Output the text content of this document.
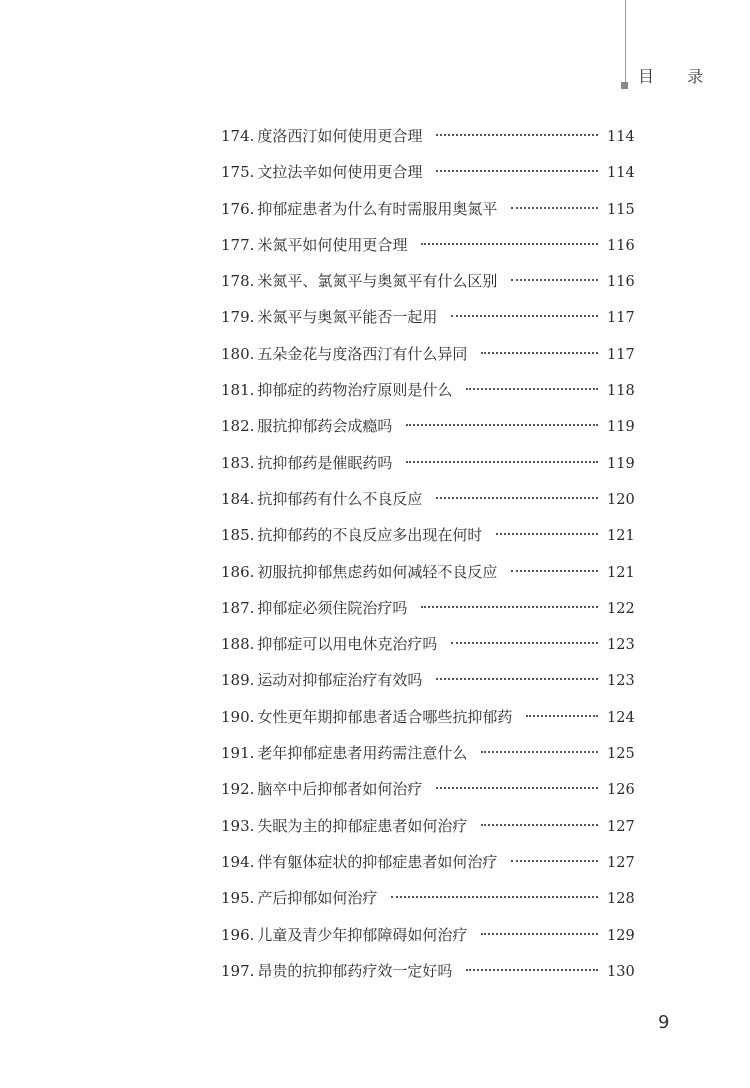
目 录
174. 度洛西汀如何使用更合理	114
175. 文拉法辛如何使用更合理	114
176. 抑郁症患者为什么有时需服用奥氮平	115
177. 米氮平如何使用更合理	116
178. 米氮平、氯氮平与奥氮平有什么区别	116
179. 米氮平与奥氮平能否一起用	117
180. 五朵金花与度洛西汀有什么异同	117
181. 抑郁症的药物治疗原则是什么	118
182. 服抗抑郁药会成瘾吗	119
183. 抗抑郁药是催眠药吗	119
184. 抗抑郁药有什么不良反应	120
185. 抗抑郁药的不良反应多出现在何时	121
186. 初服抗抑郁焦虑药如何减轻不良反应	121
187. 抑郁症必须住院治疗吗	122
188. 抑郁症可以用电休克治疗吗	123
189. 运动对抑郁症治疗有效吗	123
190. 女性更年期抑郁患者适合哪些抗抑郁药	124
191. 老年抑郁症患者用药需注意什么	125
192. 脑卒中后抑郁者如何治疗	126
193. 失眠为主的抑郁症患者如何治疗	127
194. 伴有躯体症状的抑郁症患者如何治疗	127
195. 产后抑郁如何治疗	128
196. 儿童及青少年抑郁障碍如何治疗	129
197. 昂贵的抗抑郁药疗效一定好吗	130
9
